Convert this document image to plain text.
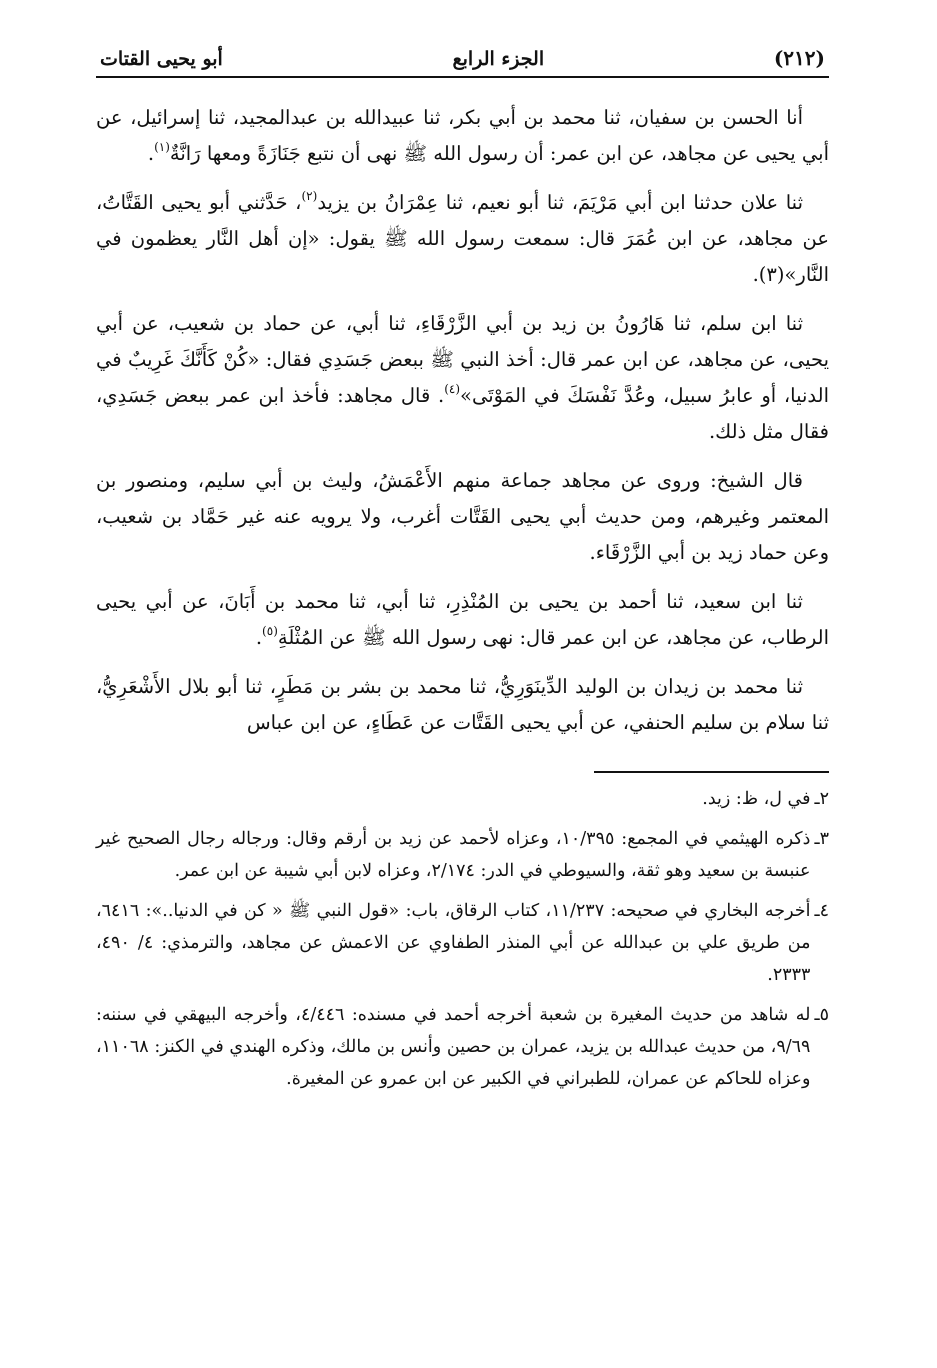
(٢١٢)
الجزء الرابع
أبو يحيى القتات

أنا الحسن بن سفيان، ثنا محمد بن أبي بكر، ثنا عبيدالله بن عبدالمجيد، ثنا إسرائيل، عن أبي يحيى عن مجاهد، عن ابن عمر: أن رسول الله ﷺ نهى أن نتبع جَنَازَةً ومعها رَانَّةٌ$^{(١)}$.

ثنا علان حدثنا ابن أبي مَرْيَمَ، ثنا أبو نعيم، ثنا عِمْرَانُ بن يزيد$^{(٢)}$، حَدَّثني أبو يحيى القَتَّاتُ، عن مجاهد، عن ابن عُمَرَ قال: سمعت رسول الله ﷺ يقول: «إن أهل النَّار يعظمون في النَّار»(٣).

ثنا ابن سلم، ثنا هَارُونُ بن زيد بن أبي الزَّرْقَاءِ، ثنا أبي، عن حماد بن شعيب، عن أبي يحيى، عن مجاهد، عن ابن عمر قال: أخذ النبي ﷺ ببعض جَسَدِي فقال: «كُنْ كَأَنَّكَ غَرِيبٌ في الدنيا، أو عابرُ سبيل، وعُدَّ نَفْسَكَ في المَوْتَى»$^{(٤)}$. قال مجاهد: فأخذ ابن عمر ببعض جَسَدِي، فقال مثل ذلك.

قال الشيخ: وروى عن مجاهد جماعة منهم الأَعْمَشُ، وليث بن أبي سليم، ومنصور بن المعتمر وغيرهم، ومن حديث أبي يحيى القَتَّات أغرب، ولا يرويه عنه غير حَمَّاد بن شعيب، وعن حماد زيد بن أبي الزَّرْقَاء.

ثنا ابن سعيد، ثنا أحمد بن يحيى بن المُنْذِرِ، ثنا أبي، ثنا محمد بن أَبَانَ، عن أبي يحيى الرطاب، عن مجاهد، عن ابن عمر قال: نهى رسول الله ﷺ عن المُثْلَةِ$^{(٥)}$.

ثنا محمد بن زيدان بن الوليد الدِّينَوَرِيُّ، ثنا محمد بن بشر بن مَطَرٍ، ثنا أبو بلال الأَشْعَرِيُّ، ثنا سلام بن سليم الحنفي، عن أبي يحيى القَتَّات عن عَطَاءٍ، عن ابن عباس

٢ـ
في ل، ظ: زيد.
٣ـ
ذكره الهيثمي في المجمع: ١٠/٣٩٥، وعزاه لأحمد عن زيد بن أرقم وقال: ورجاله رجال الصحيح غير عنبسة بن سعيد وهو ثقة، والسيوطي في الدر: ٢/١٧٤، وعزاه لابن أبي شيبة عن ابن عمر.
٤ـ
أخرجه البخاري في صحيحه: ١١/٢٣٧، كتاب الرقاق، باب: «قول النبي ﷺ « كن في الدنيا..»: ٦٤١٦، من طريق علي بن عبدالله عن أبي المنذر الطفاوي عن الاعمش عن مجاهد، والترمذي: ٤/ ٤٩٠، ٢٣٣٣.
٥ـ
له شاهد من حديث المغيرة بن شعبة أخرجه أحمد في مسنده: ٤/٤٤٦، وأخرجه البيهقي في سننه: ٩/٦٩، من حديث عبدالله بن يزيد، عمران بن حصين وأنس بن مالك، وذكره الهندي في الكنز: ١١٠٦٨، وعزاه للحاكم عن عمران، للطبراني في الكبير عن ابن عمرو عن المغيرة.
